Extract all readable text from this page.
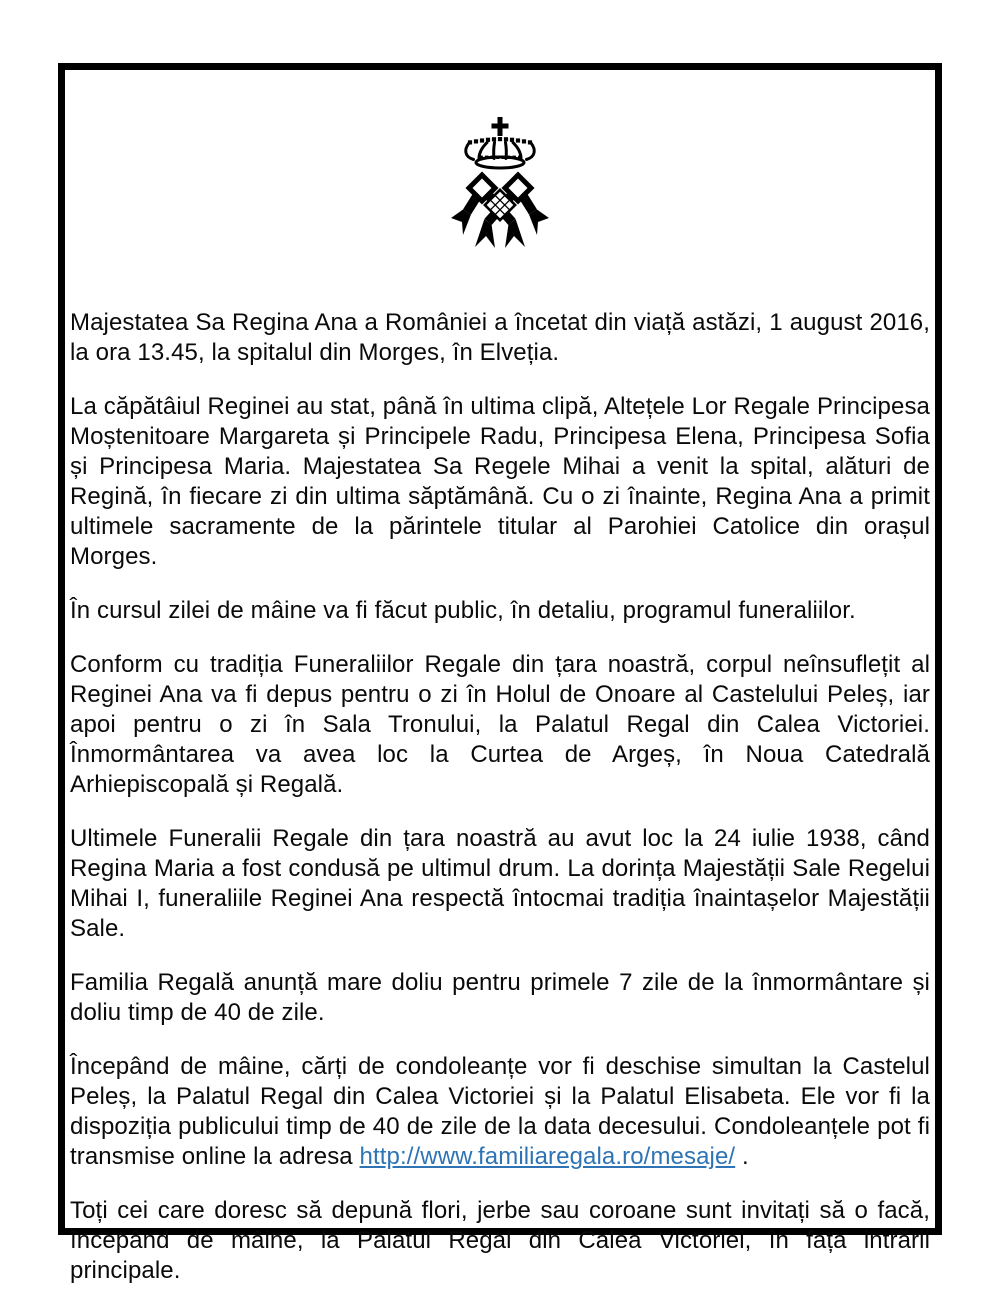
Majestatea Sa Regina Ana a României a încetat din viață astăzi, 1 august 2016, la ora 13.45, la spitalul din Morges, în Elveția.

La căpătâiul Reginei au stat, până în ultima clipă, Altețele Lor Regale Principesa Moștenitoare Margareta și Principele Radu, Principesa Elena, Principesa Sofia și Principesa Maria. Majestatea Sa Regele Mihai a venit la spital, alături de Regină, în fiecare zi din ultima săptămână. Cu o zi înainte, Regina Ana a primit ultimele sacramente de la părintele titular al Parohiei Catolice din orașul Morges.

În cursul zilei de mâine va fi făcut public, în detaliu, programul funeraliilor.

Conform cu tradiția Funeraliilor Regale din țara noastră, corpul neînsuflețit al Reginei Ana va fi depus pentru o zi în Holul de Onoare al Castelului Peleș, iar apoi pentru o zi în Sala Tronului, la Palatul Regal din Calea Victoriei. Înmormântarea va avea loc la Curtea de Argeș, în Noua Catedrală Arhiepiscopală și Regală.

Ultimele Funeralii Regale din țara noastră au avut loc la 24 iulie 1938, când Regina Maria a fost condusă pe ultimul drum. La dorința Majestății Sale Regelui Mihai I, funeraliile Reginei Ana respectă întocmai tradiția înaintașelor Majestății Sale.

Familia Regală anunță mare doliu pentru primele 7 zile de la înmormântare și doliu timp de 40 de zile.

Începând de mâine, cărți de condoleanțe vor fi deschise simultan la Castelul Peleș, la Palatul Regal din Calea Victoriei și la Palatul Elisabeta. Ele vor fi la dispoziția publicului timp de 40 de zile de la data decesului. Condoleanțele pot fi transmise online la adresa http://www.familiaregala.ro/mesaje/ .

Toți cei care doresc să depună flori, jerbe sau coroane sunt invitați să o facă, începând de mâine, la Palatul Regal din Calea Victoriei, în fața intrării principale.
